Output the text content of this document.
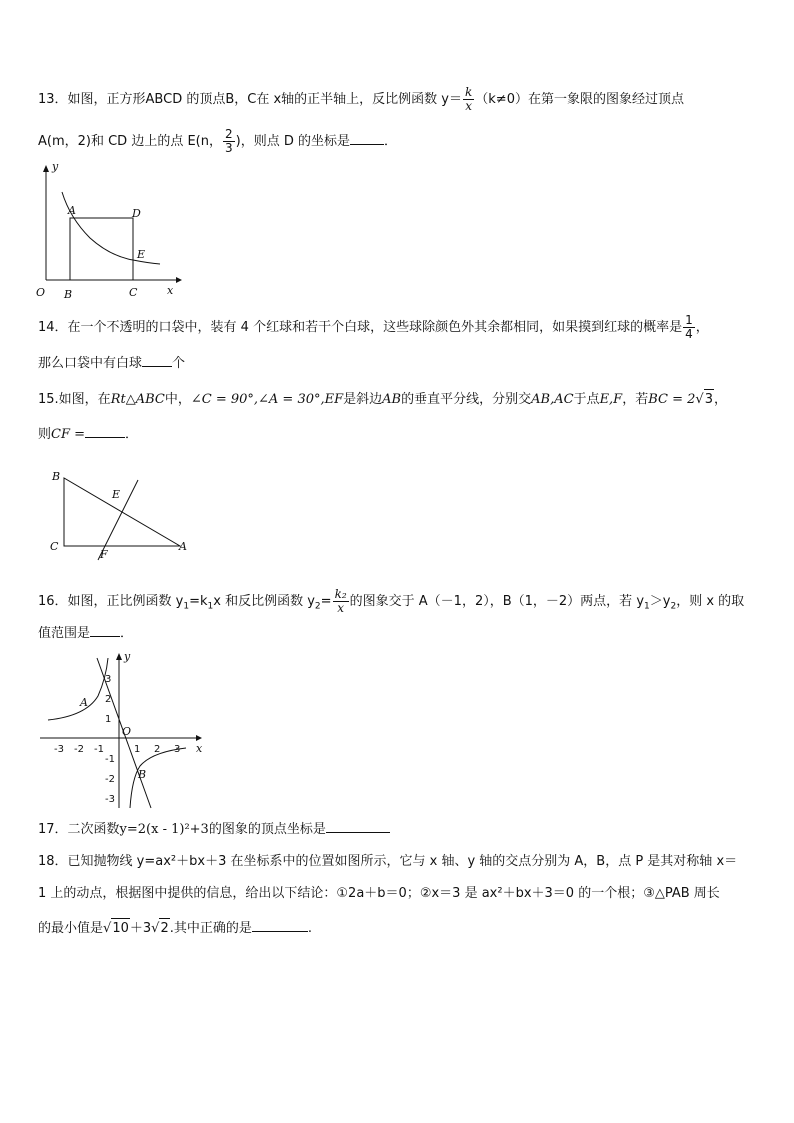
13．如图，正方形ABCD 的顶点B，C在 x轴的正半轴上，反比例函数 $y= \frac{k}{x} (k\ne 0)$在第一象限的图象经过顶点
A(m，2)和 CD 边上的点 E(n， $\frac{2}{3}$ )，则点 D 的坐标是	．
y
A	D
E
O B	C	x
14．在一个不透明的口袋中，装有 4 个红球和若干个白球，这些球除颜色外其余都相同，如果摸到红球的概率是 $\frac{1}{4}$ ，
那么口袋中有白球 个
15.如图，在Rt△ABC中，∠C = 90°,∠A = 30°,EF是斜边AB的垂直平分线，分别交AB,AC于点E,F，若BC = 2√3，
则CF =	．
B
E
C
F
A
16．如图，正比例函数 $y_1=k_1x$ 和反比例函数 $y_2= \frac{\text{k₂}}{x}$ 的图象交于 A（－1，2），B（1，－2）两点，若 $y_1>y_2$，则 x 的取
值范围是 ．
y
x
O
A
B
-3 -2 -1	1 2 3
3
2
1
-1
-2
-3
17．二次函数y=2(x - 1)²+3的图象的顶点坐标是
18．已知抛物线 y=ax²＋bx＋3 在坐标系中的位置如图所示，它与 x 轴、y 轴的交点分别为 A，B，点 P 是其对称轴 x＝
1 上的动点，根据图中提供的信息，给出以下结论：①2a＋b＝0；②x＝3 是 ax²＋bx＋3＝0 的一个根；③△PAB 周长
的最小值是√10＋3√2.其中正确的是	.
